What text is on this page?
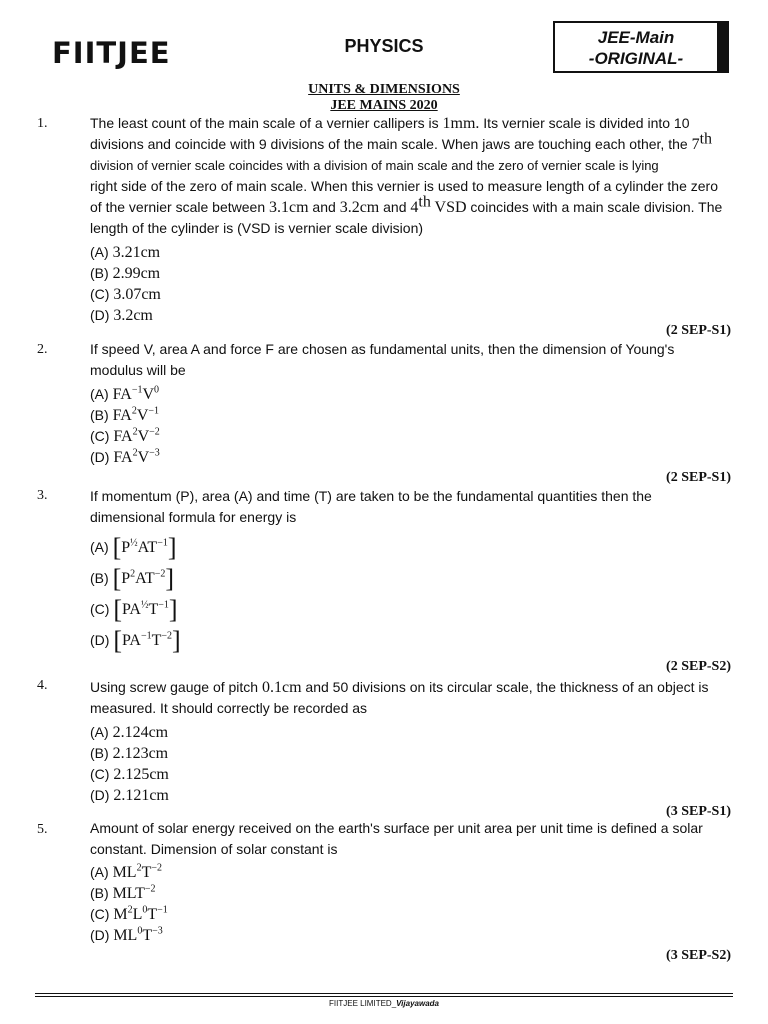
FIITJEE	PHYSICS	JEE-Main
-ORIGINAL-
UNITS & DIMENSIONS
JEE MAINS 2020
1.	The least count of the main scale of a vernier callipers is 1mm. Its vernier scale is divided into 10
divisions and coincide with 9 divisions of the main scale. When jaws are touching each other, the 7th
division of vernier scale coincides with a division of main scale and the zero of vernier scale is lying
right side of the zero of main scale. When this vernier is used to measure length of a cylinder the zero
of the vernier scale between 3.1cm and 3.2cm and 4th VSD coincides with a main scale division. The
length of the cylinder is (VSD is vernier scale division)
(A) 3.21cm
(B) 2.99cm
(C) 3.07cm
(D) 3.2cm
(2 SEP-S1)
2.	If speed V, area A and force F are chosen as fundamental units, then the dimension of Young's modulus will be
(A) $FA^{-1}V^0$
(B) $FA^2V^{-1}$
(C) $FA^2V^{-2}$
(D) $FA^2V^{-3}$
(2 SEP-S1)
3.	If momentum (P), area (A) and time (T) are taken to be the fundamental quantities then the dimensional formula for energy is
(A) $[P^{\frac{1}{2}}AT^{-1}]$
(B) $[P^2AT^{-2}]$
(C) $[PA^{\frac{1}{2}}T^{-1}]$
(D) $[PA^{-1}T^{-2}]$
(2 SEP-S2)
4.	Using screw gauge of pitch 0.1cm and 50 divisions on its circular scale, the thickness of an object is measured. It should correctly be recorded as
(A) 2.124cm
(B) 2.123cm
(C) 2.125cm
(D) 2.121cm
(3 SEP-S1)
5.	Amount of solar energy received on the earth's surface per unit area per unit time is defined a solar constant. Dimension of solar constant is
(A) $ML^2T^{-2}$
(B) $MLT^{-2}$
(C) $M^2L^0T^{-1}$
(D) $ML^0T^{-3}$
(3 SEP-S2)
FIITJEE LIMITED_Vijayawada
